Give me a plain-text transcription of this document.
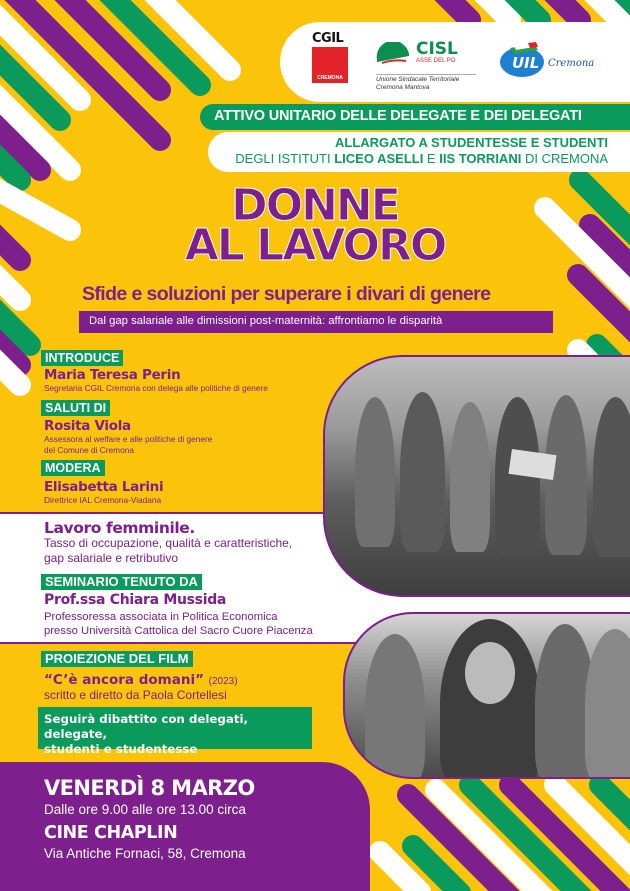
CGIL
CREMONA
CISL
ASSE DEL PO
Unione Sindacale Territoriale
Cremona Mantova
UIL Cremona
ATTIVO UNITARIO DELLE DELEGATE E DEI DELEGATI
ALLARGATO A STUDENTESSE E STUDENTI
DEGLI ISTITUTI LICEO ASELLI E IIS TORRIANI DI CREMONA
DONNE
AL LAVORO
Sfide e soluzioni per superare i divari di genere
Dal gap salariale alle dimissioni post-maternità: affrontiamo le disparità
INTRODUCE
Maria Teresa Perin
Segretaria CGIL Cremona con delega alle politiche di genere
SALUTI DI
Rosita Viola
Assessora al welfare e alle politiche di genere
del Comune di Cremona
MODERA
Elisabetta Larini
Direttrice IAL Cremona-Viadana
Lavoro femminile.
Tasso di occupazione, qualità e caratteristiche,
gap salariale e retributivo
SEMINARIO TENUTO DA
Prof.ssa Chiara Mussida
Professoressa associata in Politica Economica
presso Università Cattolica del Sacro Cuore Piacenza
PROIEZIONE DEL FILM
“C’è ancora domani” (2023)
scritto e diretto da Paola Cortellesi
Seguirà dibattito con delegati, delegate,
studenti e studentesse
VENERDÌ 8 MARZO
Dalle ore 9.00 alle ore 13.00 circa
CINE CHAPLIN
Via Antiche Fornaci, 58, Cremona
